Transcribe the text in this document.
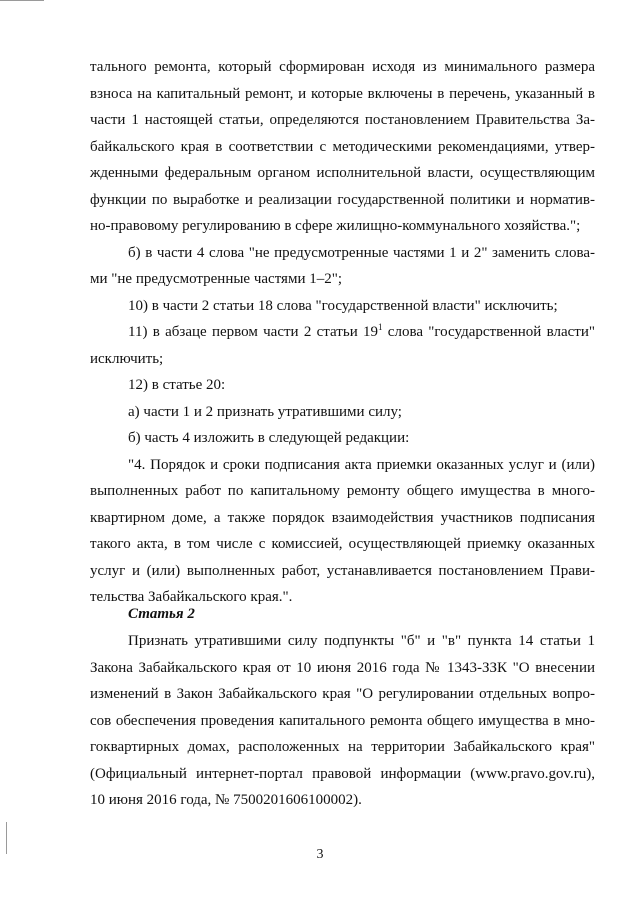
тального ремонта, который сформирован исходя из минимального размера
взноса на капитальный ремонт, и которые включены в перечень, указанный в
части 1 настоящей статьи, определяются постановлением Правительства За-
байкальского края в соответствии с методическими рекомендациями, утвер-
жденными федеральным органом исполнительной власти, осуществляющим
функции по выработке и реализации государственной политики и норматив-
но-правовому регулированию в сфере жилищно-коммунального хозяйства.";
б) в части 4 слова "не предусмотренные частями 1 и 2" заменить слова-
ми "не предусмотренные частями 1–2";
10) в части 2 статьи 18 слова "государственной власти" исключить;
11) в абзаце первом части 2 статьи $19^1$ слова "государственной власти"
исключить;
12) в статье 20:
а) части 1 и 2 признать утратившими силу;
б) часть 4 изложить в следующей редакции:
"4. Порядок и сроки подписания акта приемки оказанных услуг и (или)
выполненных работ по капитальному ремонту общего имущества в много-
квартирном доме, а также порядок взаимодействия участников подписания
такого акта, в том числе с комиссией, осуществляющей приемку оказанных
услуг и (или) выполненных работ, устанавливается постановлением Прави-
тельства Забайкальского края.".
Статья 2
Признать утратившими силу подпункты "б" и "в" пункта 14 статьи 1
Закона Забайкальского края от 10 июня 2016 года № 1343-ЗЗК "О внесении
изменений в Закон Забайкальского края "О регулировании отдельных вопро-
сов обеспечения проведения капитального ремонта общего имущества в мно-
гоквартирных домах, расположенных на территории Забайкальского края"
(Официальный интернет-портал правовой информации (www.pravo.gov.ru),
10 июня 2016 года, № 7500201606100002).
3
